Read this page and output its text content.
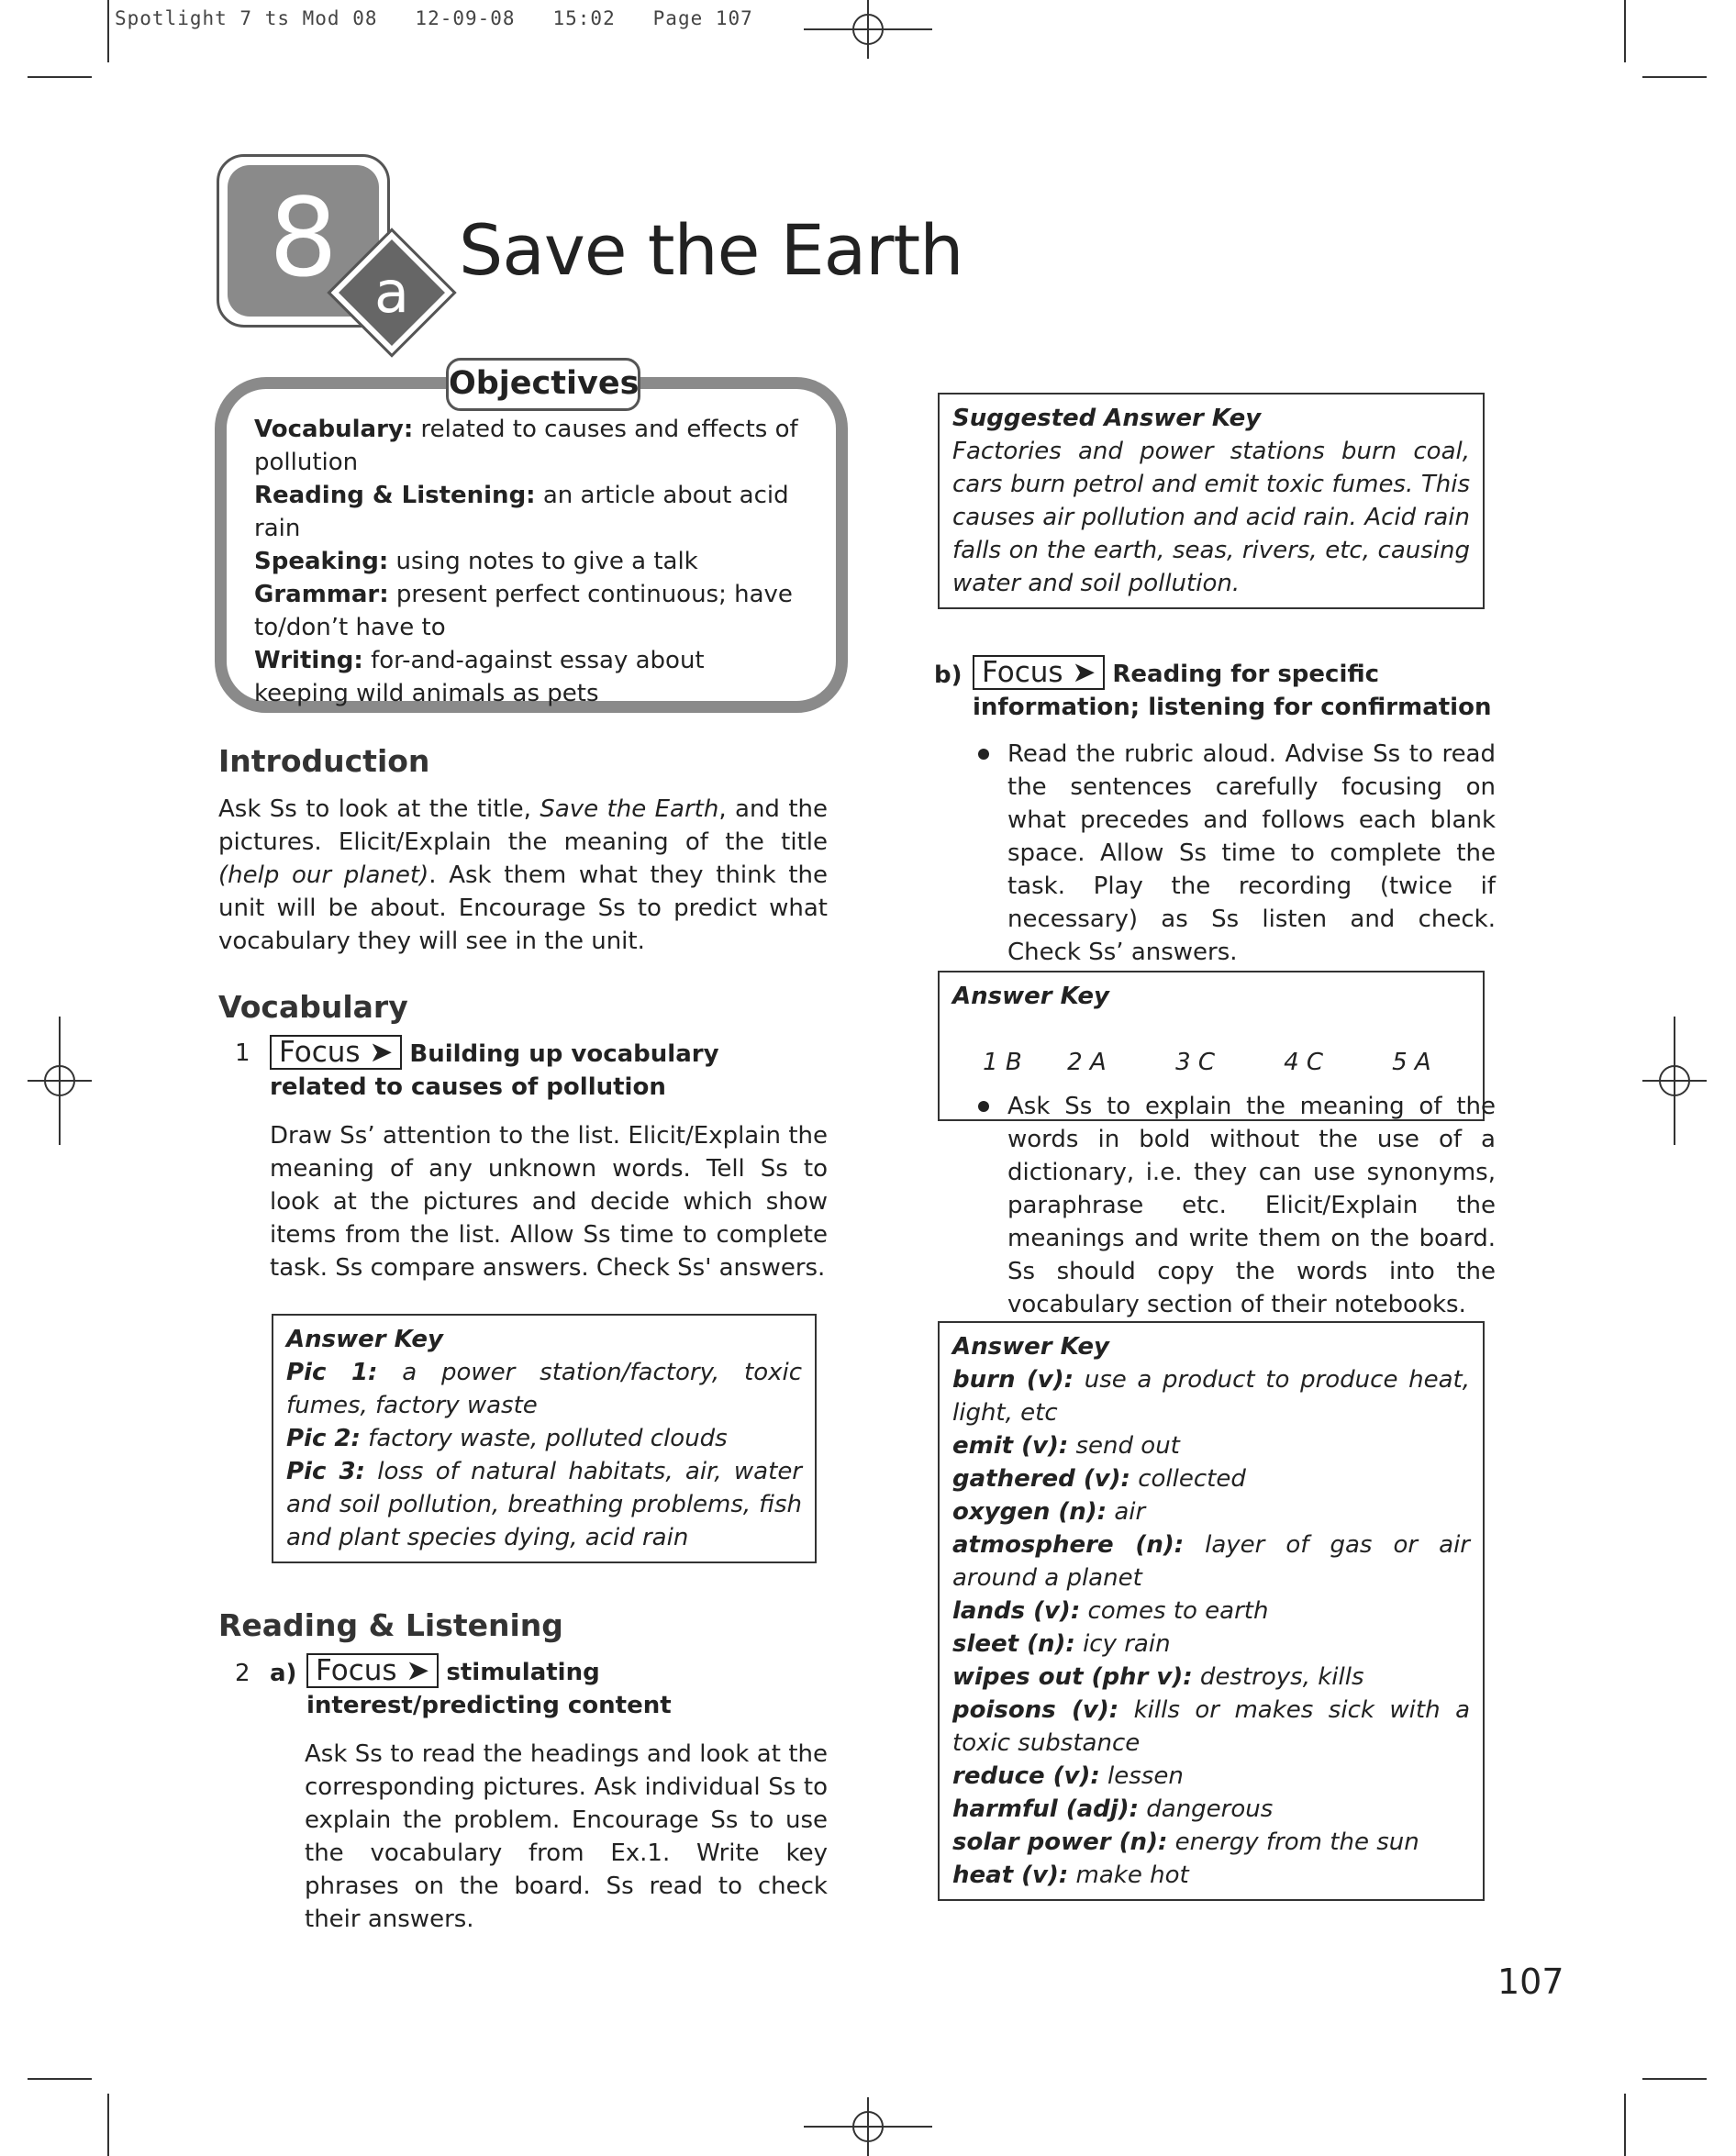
Spotlight 7 ts Mod 08   12-09-08   15:02   Page 107
8 a
Save the Earth
Objectives
Vocabulary: related to causes and effects of pollution
Reading & Listening: an article about acid rain
Speaking: using notes to give a talk
Grammar: present perfect continuous; have to/don’t have to
Writing: for-and-against essay about keeping wild animals as pets
Introduction
Ask Ss to look at the title, Save the Earth, and the pictures. Elicit/Explain the meaning of the title (help our planet). Ask them what they think the unit will be about. Encourage Ss to predict what vocabulary they will see in the unit.
Vocabulary
1	Focus ➤ Building up vocabulary related to causes of pollution
Draw Ss’ attention to the list. Elicit/Explain the meaning of any unknown words. Tell Ss to look at the pictures and decide which show items from the list. Allow Ss time to complete task. Ss compare answers. Check Ss' answers.
Answer Key
Pic 1: a power station/factory, toxic fumes, factory waste
Pic 2: factory waste, polluted clouds
Pic 3: loss of natural habitats, air, water and soil pollution, breathing problems, fish and plant species dying, acid rain
Reading & Listening
2 a) Focus ➤ stimulating interest/predicting content
Ask Ss to read the headings and look at the corresponding pictures. Ask individual Ss to explain the problem. Encourage Ss to use the vocabulary from Ex.1. Write key phrases on the board. Ss read to check their answers.
Suggested Answer Key
Factories and power stations burn coal, cars burn petrol and emit toxic fumes. This causes air pollution and acid rain. Acid rain falls on the earth, seas, rivers, etc, causing water and soil pollution.
b) Focus ➤ Reading for specific information; listening for confirmation
Read the rubric aloud. Advise Ss to read the sentences carefully focusing on what precedes and follows each blank space. Allow Ss time to complete the task. Play the recording (twice if necessary) as Ss listen and check. Check Ss’ answers.
Answer Key

1 B 2 A	3 C	4 C	5 A

Ask Ss to explain the meaning of the words in bold without the use of a dictionary, i.e. they can use synonyms, paraphrase etc. Elicit/Explain the meanings and write them on the board. Ss should copy the words into the vocabulary section of their notebooks.
Answer Key
burn (v): use a product to produce heat, light, etc
emit (v): send out
gathered (v): collected
oxygen (n): air
atmosphere (n): layer of gas or air around a planet
lands (v): comes to earth
sleet (n): icy rain
wipes out (phr v): destroys, kills
poisons (v): kills or makes sick with a toxic substance
reduce (v): lessen
harmful (adj): dangerous
solar power (n): energy from the sun
heat (v): make hot
107
